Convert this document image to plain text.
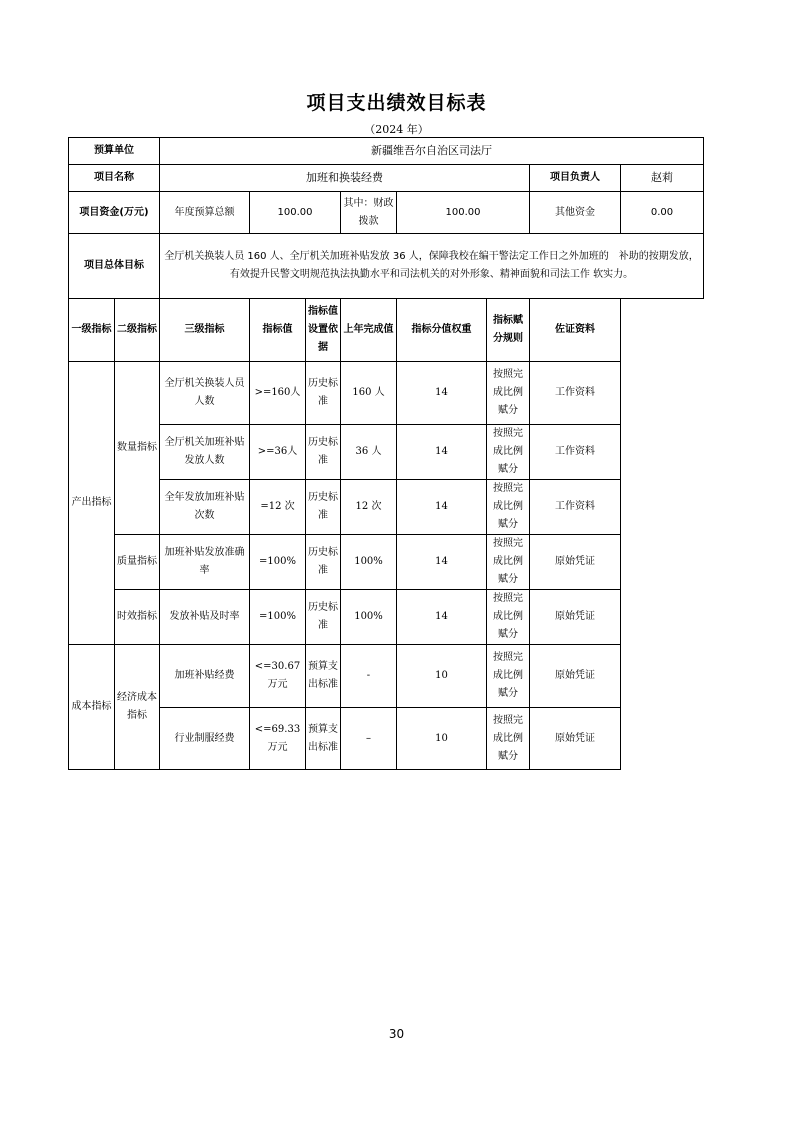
项目支出绩效目标表
（2024 年）
预算单位		新疆维吾尔自治区司法厅							
项目名称		加班和换装经费						项目负责人	赵莉
项目资金(万元)		年度预算总额	100.00		其中：财政拨款	100.00		其他资金	0.00
项目总体目标		全厅机关换装人员 160 人、全厅机关加班补贴发放 36 人，保障我校在编干警法定工作日之外加班的　补助的按期发放，有效提升民警文明规范执法执勤水平和司法机关的对外形象、精神面貌和司法工作 软实力。							
一级指标	二级指标	三级指标	指标值	指标值设置依据	上年完成值	指标分值权重	指标赋分规则	佐证资料	
产出指标	数量指标	全厅机关换装人员人数	>=160人	历史标准	160 人	14	按照完成比例赋分	工作资料	
		全厅机关加班补贴发放人数	>=36人	历史标准	36 人	14	按照完成比例赋分	工作资料	
		全年发放加班补贴次数	=12 次	历史标准	12 次	14	按照完成比例赋分	工作资料	
	质量指标	加班补贴发放准确率	=100%	历史标准	100%	14	按照完成比例赋分	原始凭证	
	时效指标	发放补贴及时率	=100%	历史标准	100%	14	按照完成比例赋分	原始凭证	
成本指标	经济成本指标	加班补贴经费	<=30.67万元	预算支出标准	-	10	按照完成比例赋分	原始凭证	
		行业制服经费	<=69.33万元	预算支出标准	–	10	按照完成比例赋分	原始凭证	
30
